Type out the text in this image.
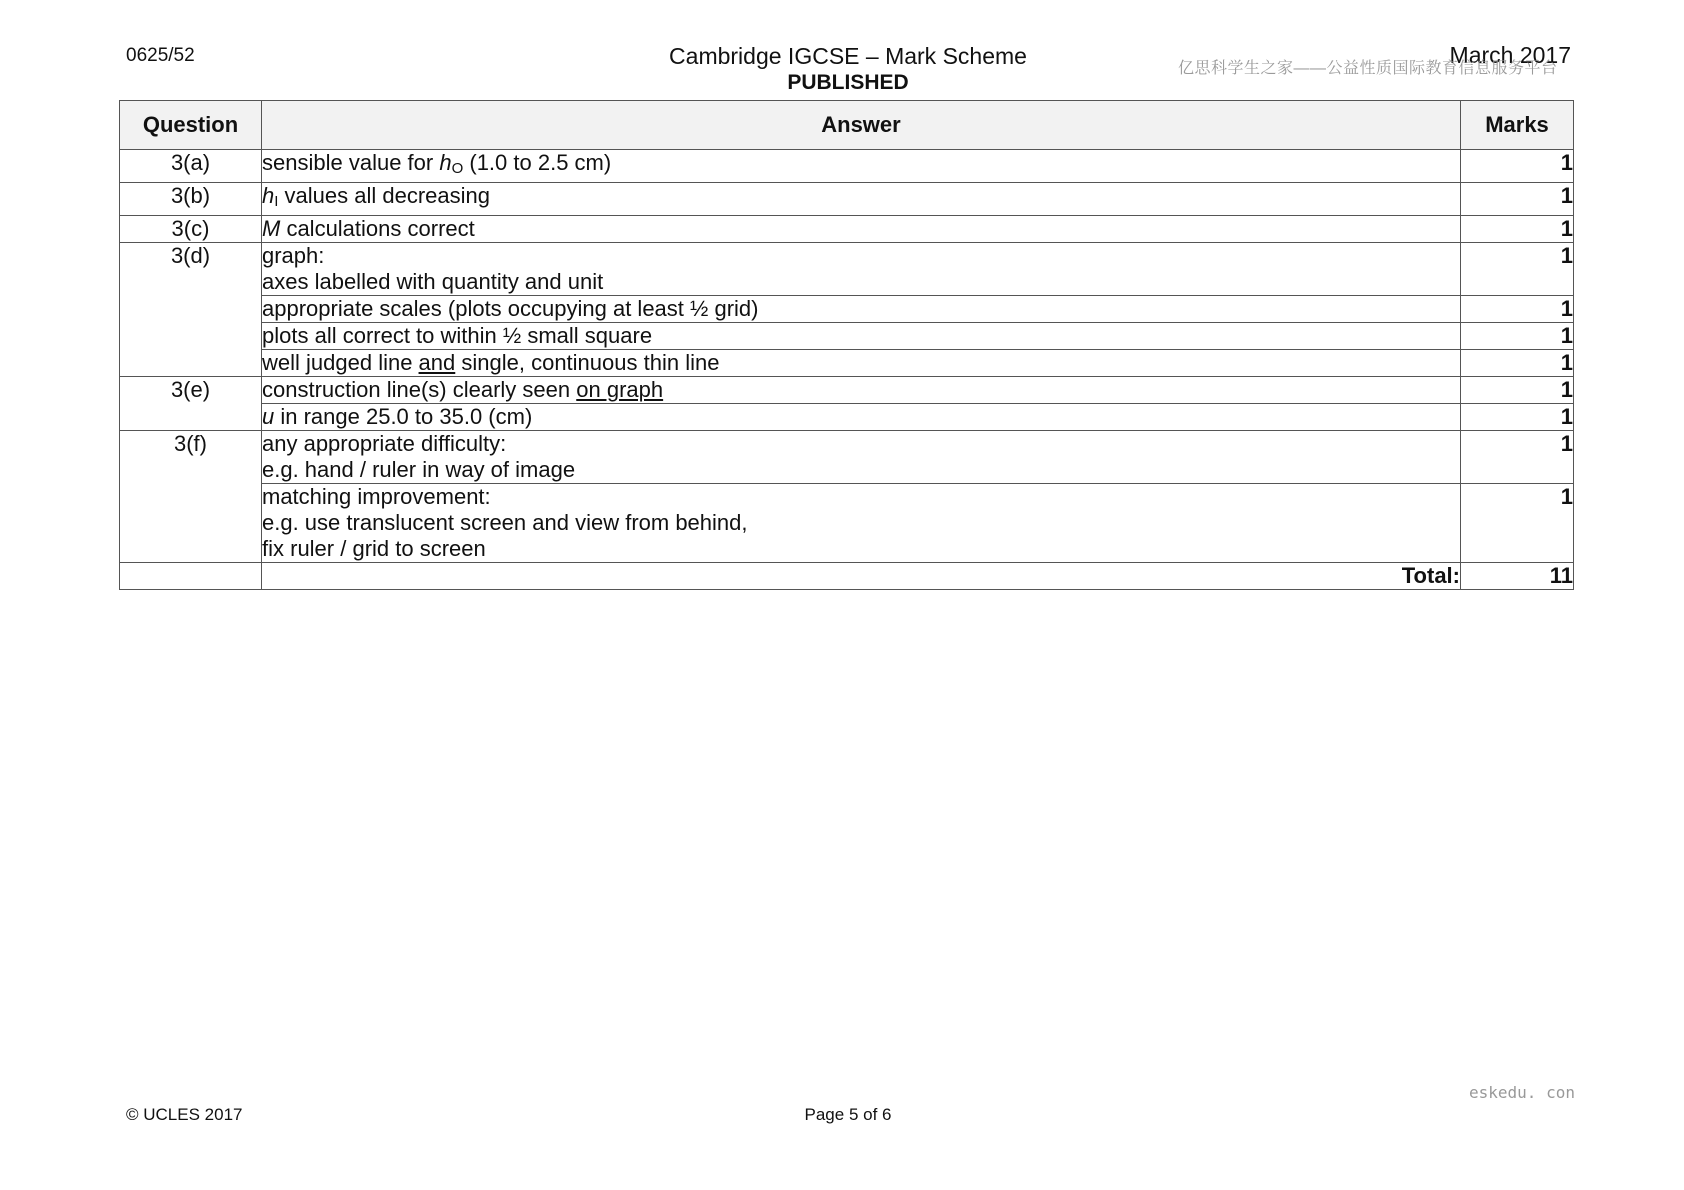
0625/52	Cambridge IGCSE – Mark Scheme
PUBLISHED
March 2017
亿思科学生之家——公益性质国际教育信息服务平台
Question	Answer	Marks
3(a)	sensible value for $h_O$ (1.0 to 2.5 cm)	1
3(b)	$h_I$ values all decreasing	1
3(c)	M calculations correct	1
3(d)	graph:
axes labelled with quantity and unit	1
	appropriate scales (plots occupying at least ½ grid)	1
	plots all correct to within ½ small square	1
	well judged line and single, continuous thin line	1
3(e)	construction line(s) clearly seen on graph	1
	u in range 25.0 to 35.0 (cm)	1
3(f)	any appropriate difficulty:
e.g. hand / ruler in way of image	1

	matching improvement:
e.g. use translucent screen and view from behind,
fix ruler / grid to screen	1
	Total:	11
© UCLES 2017	Page 5 of 6
eskedu. con
